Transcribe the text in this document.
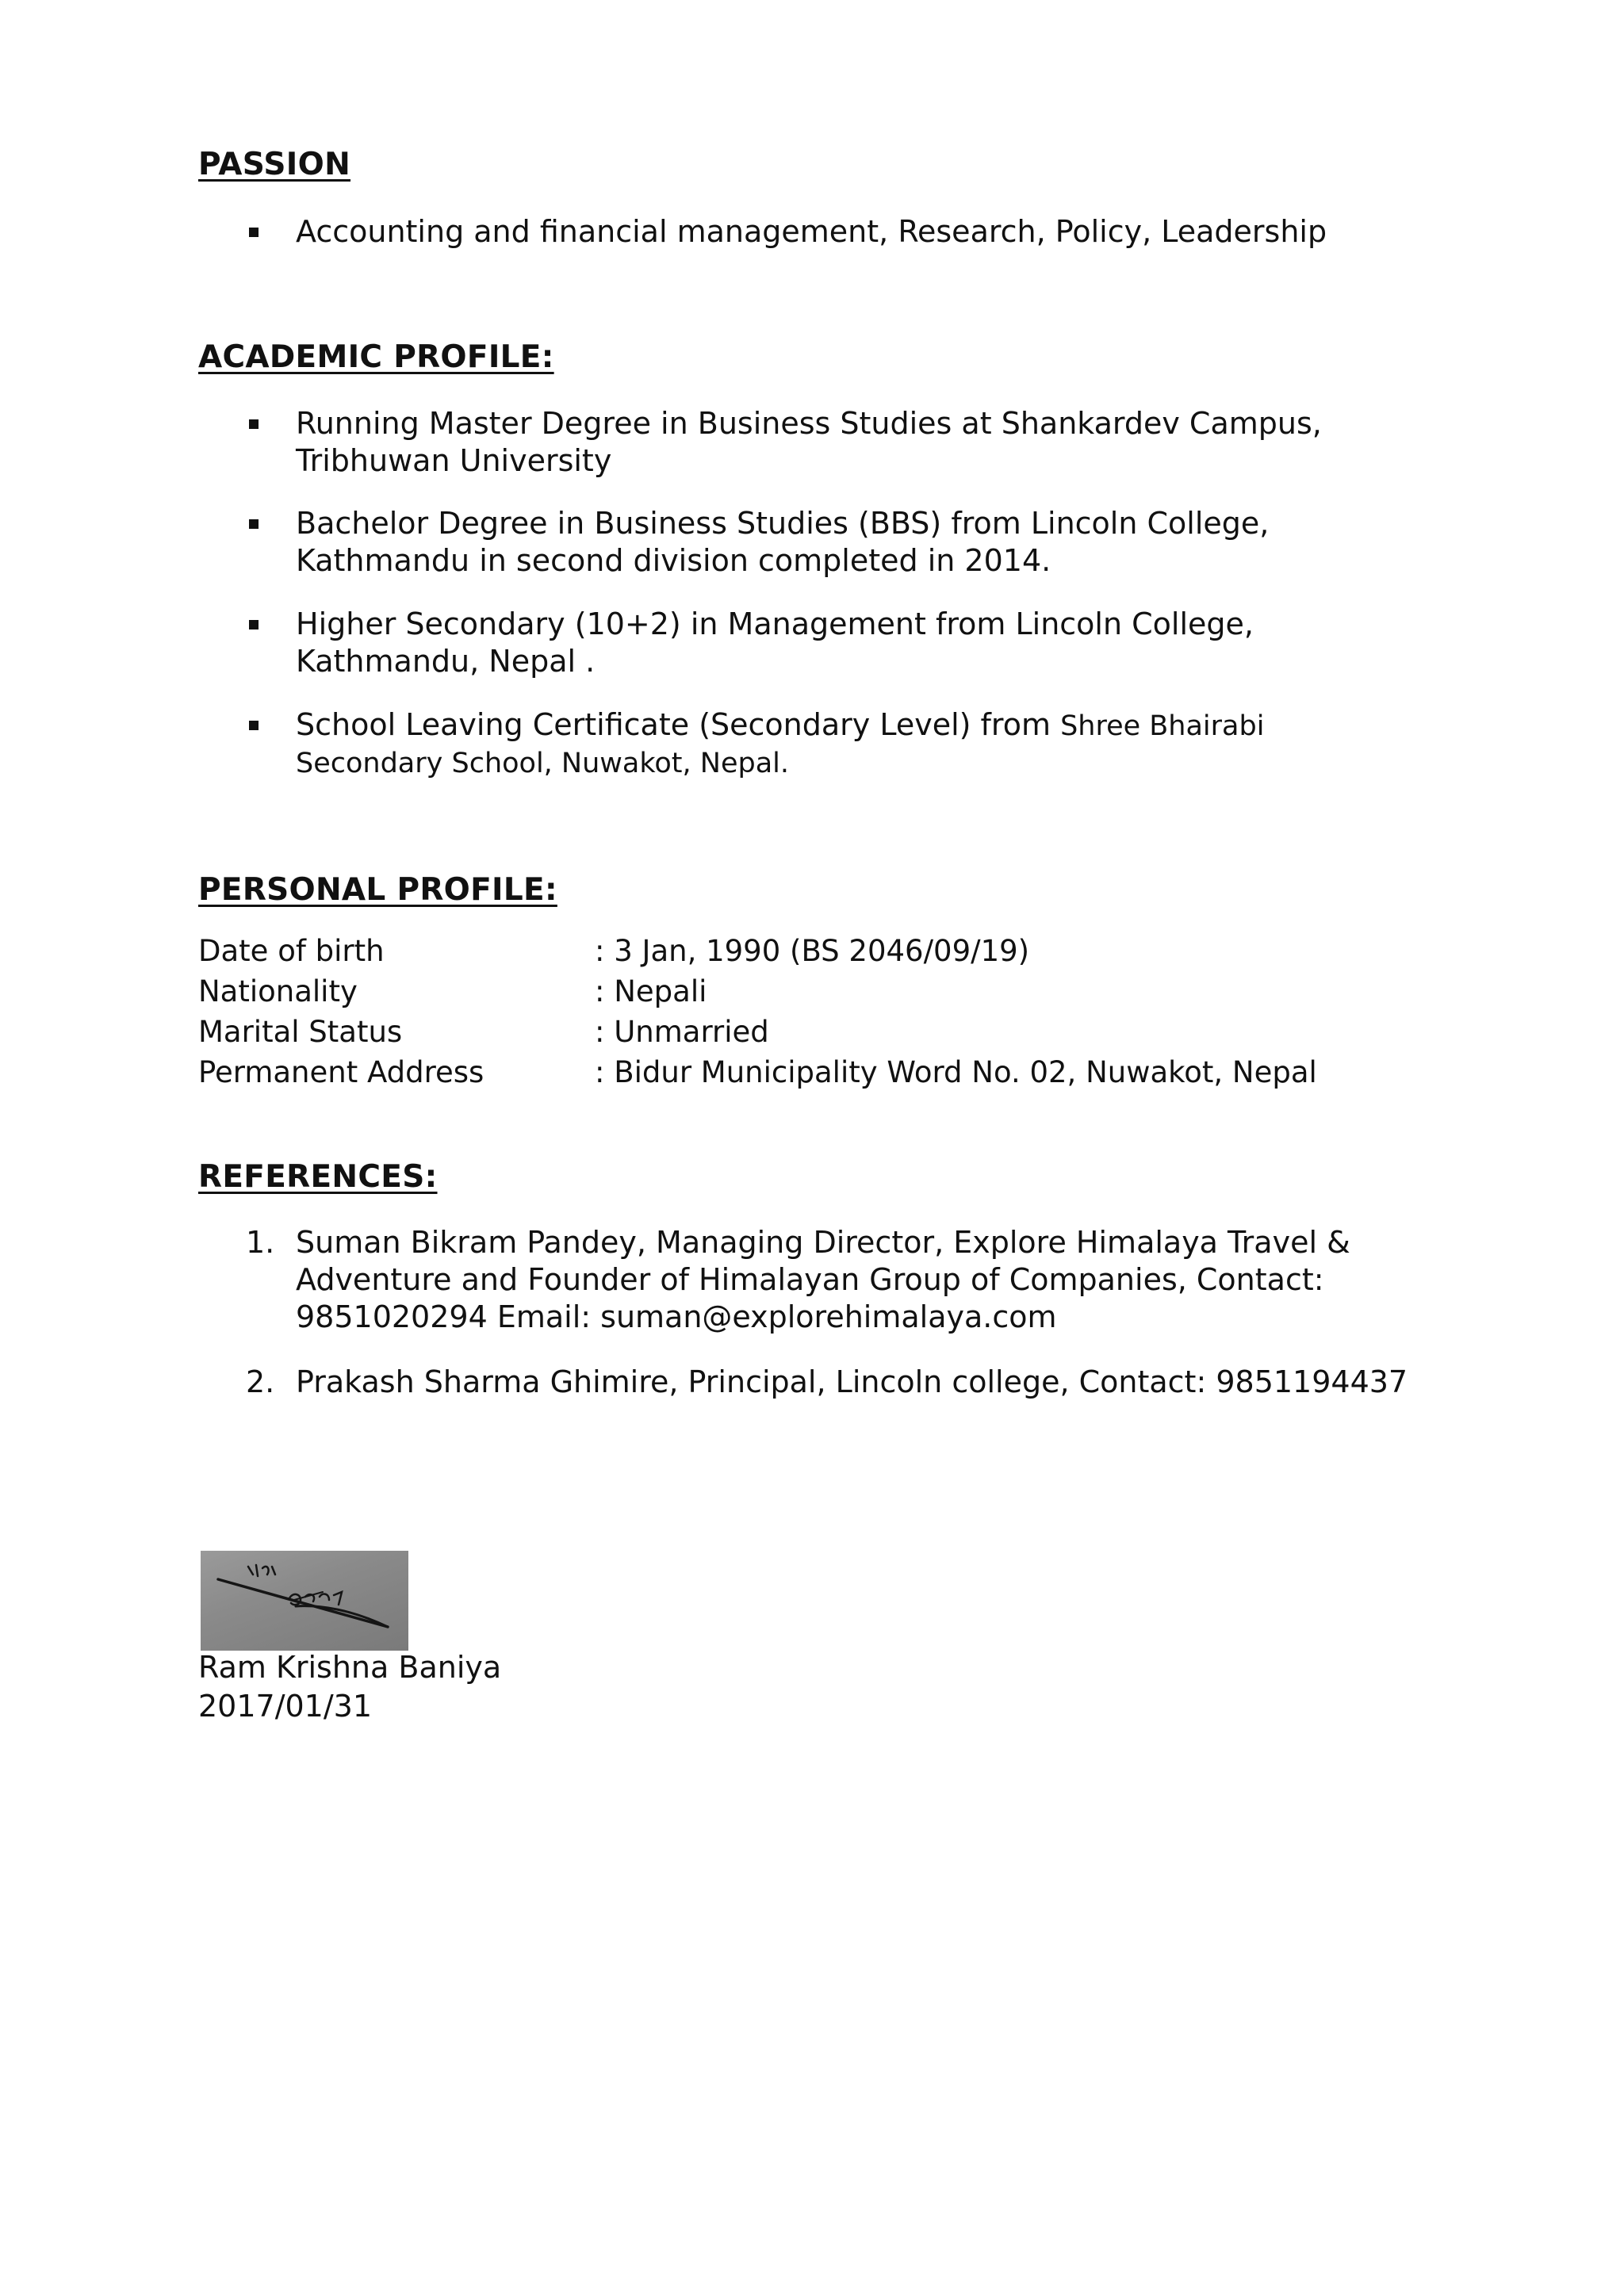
PASSION

Accounting and financial management, Research, Policy, Leadership

ACADEMIC PROFILE:

Running Master Degree in Business Studies at Shankardev Campus,

Tribhuwan University

Bachelor Degree in Business Studies (BBS) from Lincoln College,

Kathmandu in second division completed in 2014.

Higher Secondary (10+2) in Management from Lincoln College,

Kathmandu, Nepal .

School Leaving Certificate (Secondary Level) from Shree Bhairabi

Secondary School, Nuwakot, Nepal.

PERSONAL PROFILE:

Date of birth	: 3 Jan, 1990 (BS 2046/09/19)

Nationality	: Nepali

Marital Status	: Unmarried

Permanent Address	: Bidur Municipality Word No. 02, Nuwakot, Nepal

REFERENCES:
1. Suman Bikram Pandey, Managing Director, Explore Himalaya Travel &

Adventure and Founder of Himalayan Group of Companies, Contact:

9851020294 Email: suman@explorehimalaya.com

2. Prakash Sharma Ghimire, Principal, Lincoln college, Contact: 9851194437

Ram Krishna Baniya

2017/01/31
